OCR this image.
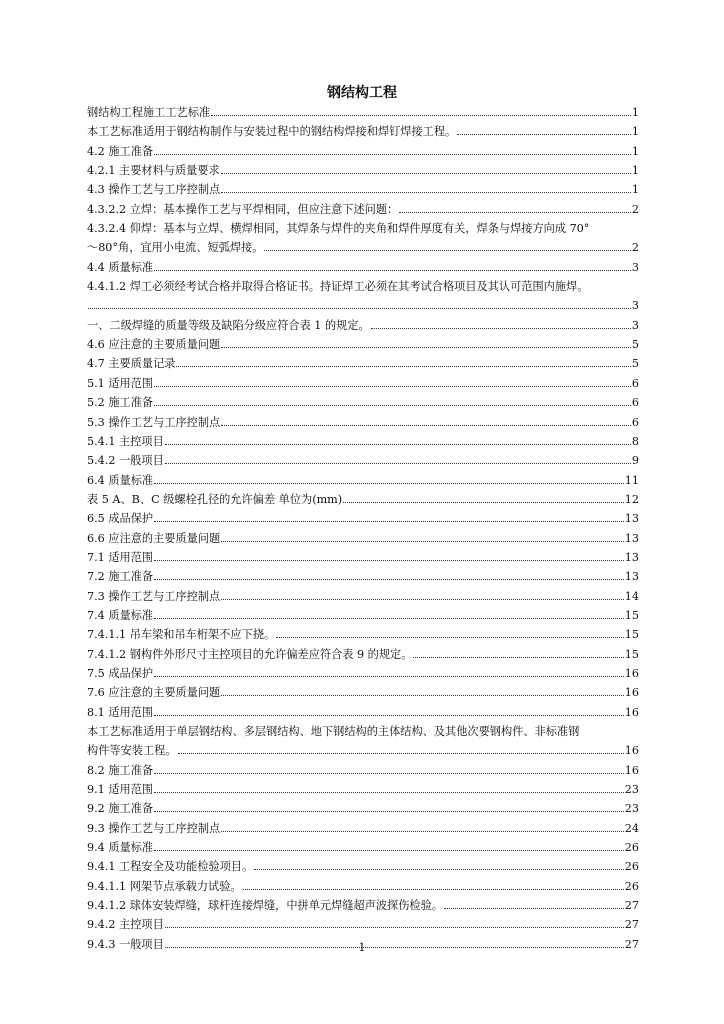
钢结构工程
钢结构工程施工工艺标准	1
本工艺标准适用于钢结构制作与安装过程中的钢结构焊接和焊钉焊接工程。	1
4.2 施工准备	1
4.2.1 主要材料与质量要求	1
4.3 操作工艺与工序控制点	1
4.3.2.2 立焊：基本操作工艺与平焊相同，但应注意下述问题：	2
4.3.2.4 仰焊：基本与立焊、横焊相同，其焊条与焊件的夹角和焊件厚度有关，焊条与焊接方向成 70°
～80°角，宜用小电流、短弧焊接。	2
4.4 质量标准	3
4.4.1.2 焊工必须经考试合格并取得合格证书。持证焊工必须在其考试合格项目及其认可范围内施焊。
3
一、二级焊缝的质量等级及缺陷分级应符合表 1 的规定。	3
4.6 应注意的主要质量问题	5
4.7 主要质量记录	5
5.1 适用范围	6
5.2 施工准备	6
5.3 操作工艺与工序控制点	6
5.4.1 主控项目	8
5.4.2 一般项目	9
6.4 质量标准	11
表 5 A、B、C 级螺栓孔径的允许偏差 单位为(mm)	12
6.5 成品保护	13
6.6 应注意的主要质量问题	13
7.1 适用范围	13
7.2 施工准备	13
7.3 操作工艺与工序控制点	14
7.4 质量标准	15
7.4.1.1 吊车梁和吊车桁架不应下挠。	15
7.4.1.2 钢构件外形尺寸主控项目的允许偏差应符合表 9 的规定。	15
7.5 成品保护	16
7.6 应注意的主要质量问题	16
8.1 适用范围	16
本工艺标准适用于单层钢结构、多层钢结构、地下钢结构的主体结构、及其他次要钢构件、非标准钢
构件等安装工程。	16
8.2 施工准备	16
9.1 适用范围	23
9.2 施工准备	23
9.3 操作工艺与工序控制点	24
9.4 质量标准	26
9.4.1 工程安全及功能检验项目。	26
9.4.1.1 网架节点承载力试验。	26
9.4.1.2 球体安装焊缝，球杆连接焊缝，中拼单元焊缝超声波探伤检验。	27
9.4.2 主控项目	27
9.4.3 一般项目	27
1
